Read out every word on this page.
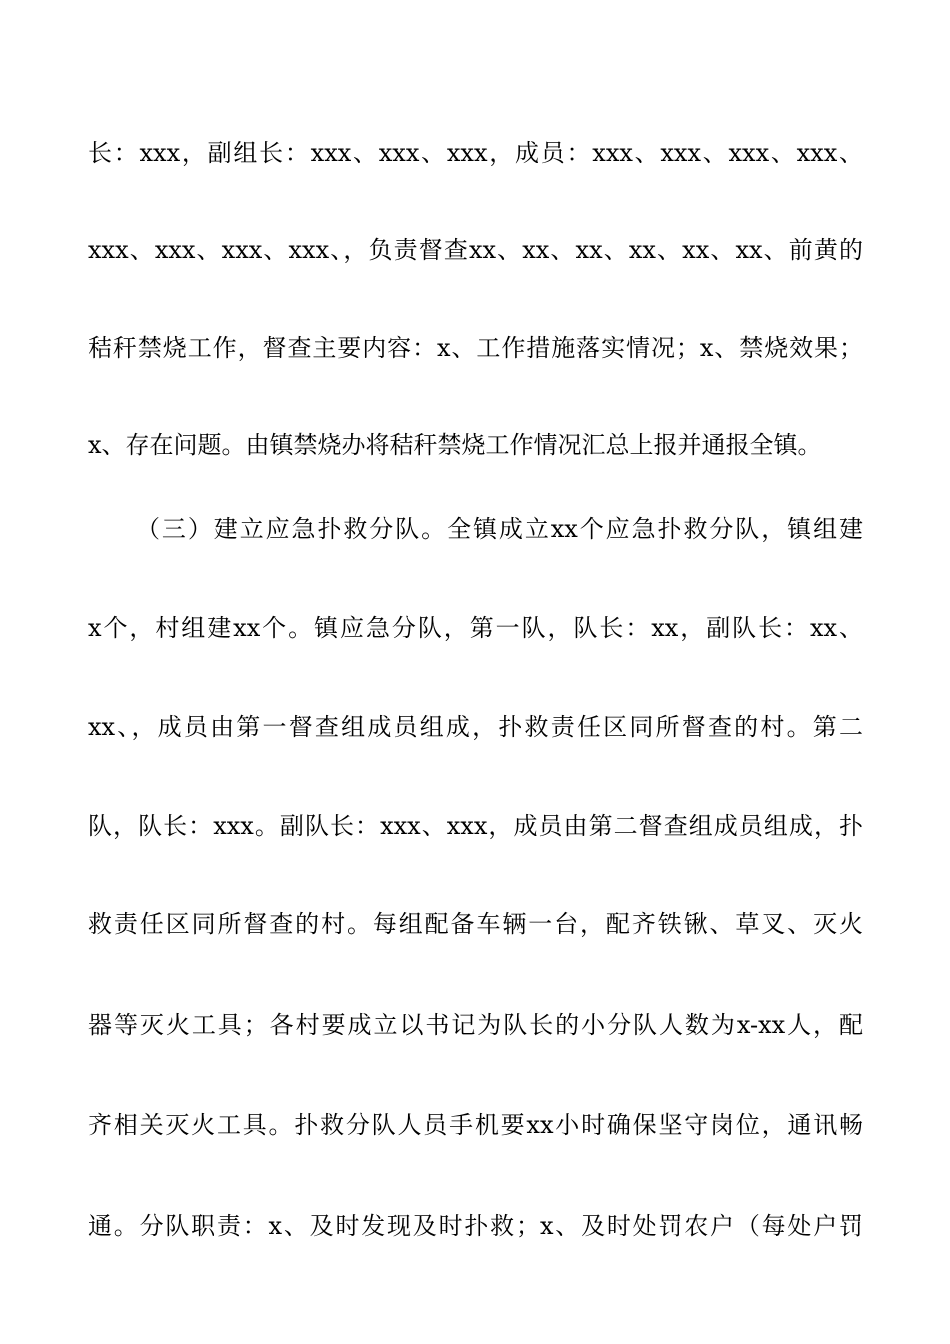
长：xxx，副组长：xxx、xxx、xxx，成员：xxx、xxx、xxx、xxx、
xxx、xxx、xxx、xxx、，负责督查xx、xx、xx、xx、xx、xx、前黄的
秸秆禁烧工作，督查主要内容：x、工作措施落实情况；x、禁烧效果；
x、存在问题。由镇禁烧办将秸秆禁烧工作情况汇总上报并通报全镇。
（三）建立应急扑救分队。全镇成立xx个应急扑救分队，镇组建
x个，村组建xx个。镇应急分队，第一队，队长：xx，副队长：xx、
xx、，成员由第一督查组成员组成，扑救责任区同所督查的村。第二
队，队长：xxx。副队长：xxx、xxx，成员由第二督查组成员组成，扑
救责任区同所督查的村。每组配备车辆一台，配齐铁锹、草叉、灭火
器等灭火工具；各村要成立以书记为队长的小分队人数为x-xx人，配
齐相关灭火工具。扑救分队人员手机要xx小时确保坚守岗位，通讯畅
通。分队职责：x、及时发现及时扑救；x、及时处罚农户（每处户罚
